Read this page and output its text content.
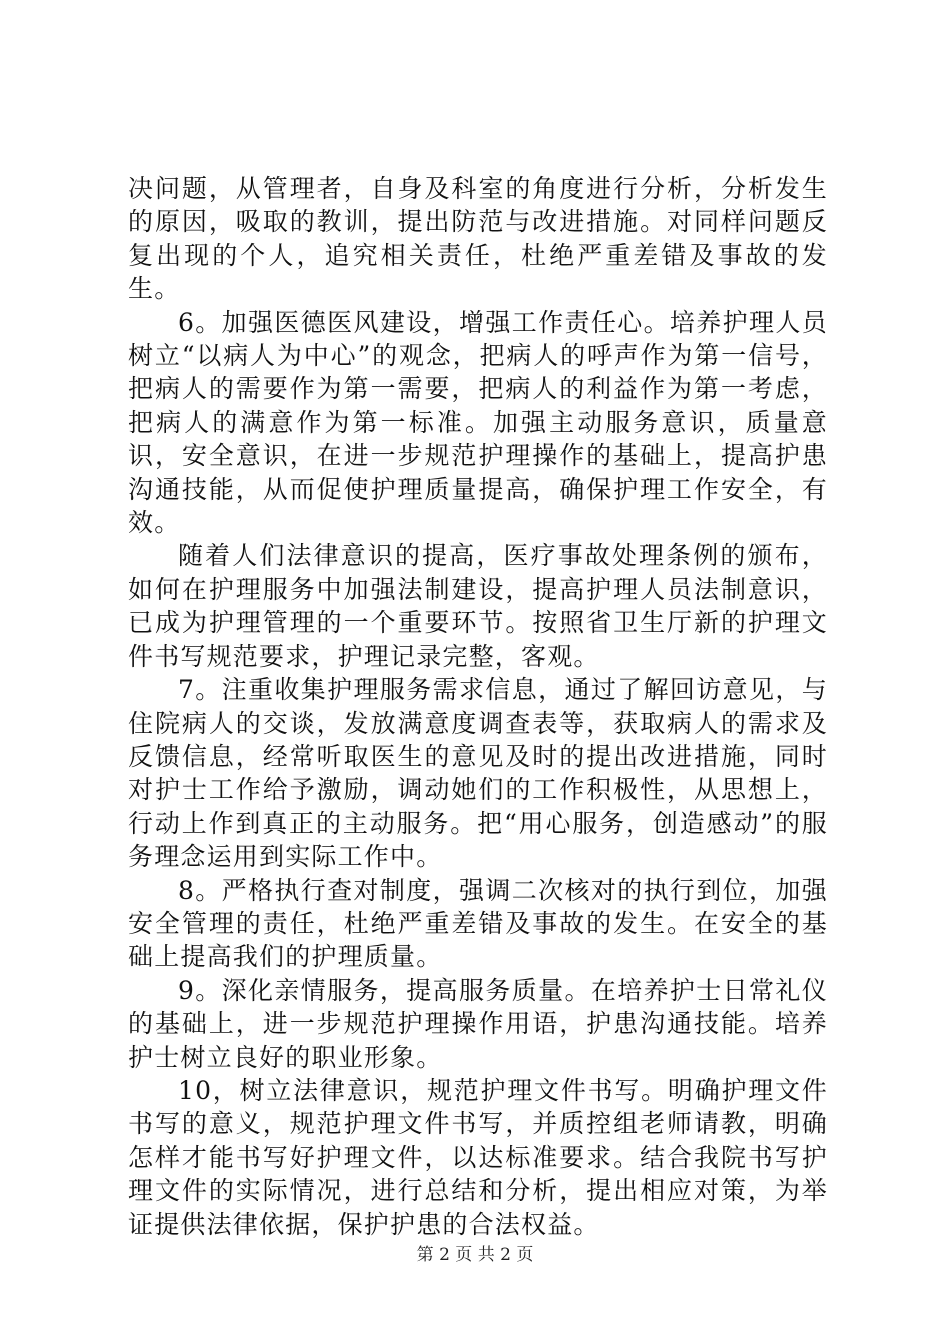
决问题，从管理者，自身及科室的角度进行分析，分析发生的原因，吸取的教训，提出防范与改进措施。对同样问题反复出现的个人，追究相关责任，杜绝严重差错及事故的发生。

6。加强医德医风建设，增强工作责任心。培养护理人员树立“以病人为中心”的观念，把病人的呼声作为第一信号，把病人的需要作为第一需要，把病人的利益作为第一考虑，把病人的满意作为第一标准。加强主动服务意识，质量意识，安全意识，在进一步规范护理操作的基础上，提高护患沟通技能，从而促使护理质量提高，确保护理工作安全，有效。

随着人们法律意识的提高，医疗事故处理条例的颁布，如何在护理服务中加强法制建设，提高护理人员法制意识，已成为护理管理的一个重要环节。按照省卫生厅新的护理文件书写规范要求，护理记录完整，客观。

7。注重收集护理服务需求信息，通过了解回访意见，与住院病人的交谈，发放满意度调查表等，获取病人的需求及反馈信息，经常听取医生的意见及时的提出改进措施，同时对护士工作给予激励，调动她们的工作积极性，从思想上，行动上作到真正的主动服务。把“用心服务，创造感动”的服务理念运用到实际工作中。

8。严格执行查对制度，强调二次核对的执行到位，加强安全管理的责任，杜绝严重差错及事故的发生。在安全的基础上提高我们的护理质量。

9。深化亲情服务，提高服务质量。在培养护士日常礼仪的基础上，进一步规范护理操作用语，护患沟通技能。培养护士树立良好的职业形象。

10，树立法律意识，规范护理文件书写。明确护理文件书写的意义，规范护理文件书写，并质控组老师请教，明确怎样才能书写好护理文件，以达标准要求。结合我院书写护理文件的实际情况，进行总结和分析，提出相应对策，为举证提供法律依据，保护护患的合法权益。

第 2 页 共 2 页
